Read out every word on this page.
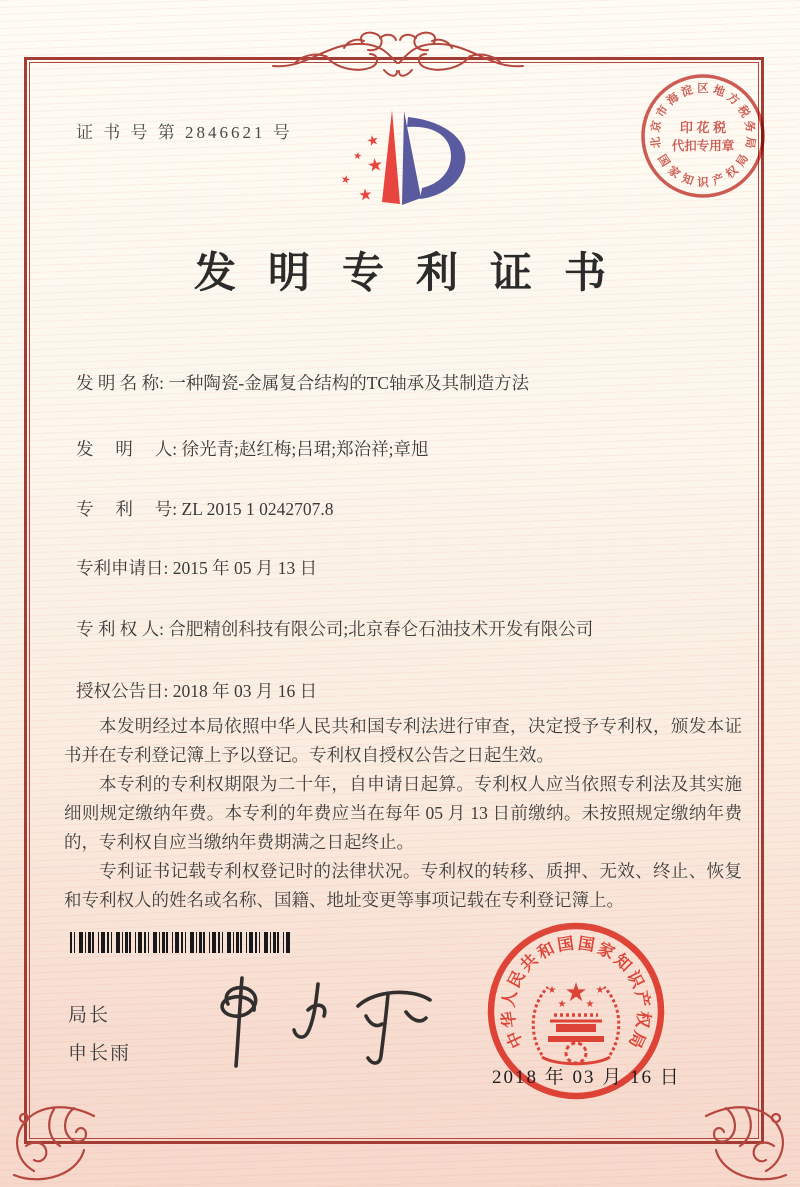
证 书 号 第 2846621 号	★
★ ★
★
★
发明专利证书
发 明 名 称: 一种陶瓷-金属复合结构的TC轴承及其制造方法
发　 明　 人: 徐光青;赵红梅;吕珺;郑治祥;章旭
专　 利　 号: ZL 2015 1 0242707.8
专利申请日: 2015 年 05 月 13 日
专 利 权 人: 合肥精创科技有限公司;北京春仑石油技术开发有限公司
授权公告日: 2018 年 03 月 16 日

本发明经过本局依照中华人民共和国专利法进行审查，决定授予专利权，颁发本证书并在专利登记簿上予以登记。专利权自授权公告之日起生效。

本专利的专利权期限为二十年，自申请日起算。专利权人应当依照专利法及其实施细则规定缴纳年费。本专利的年费应当在每年 05 月 13 日前缴纳。未按照规定缴纳年费的，专利权自应当缴纳年费期满之日起终止。

专利证书记载专利权登记时的法律状况。专利权的转移、质押、无效、终止、恢复和专利权人的姓名或名称、国籍、地址变更等事项记载在专利登记簿上。

局长
申长雨
2018 年 03 月 16 日
中
华
人
民
共
和
国 国
家
知
识
产
权
局
★
★	★
★ ★
北
京
市
海
淀 区 地
方
税
务
局
国
家
知 识 产
权
局
印 花 税
代扣专用章
